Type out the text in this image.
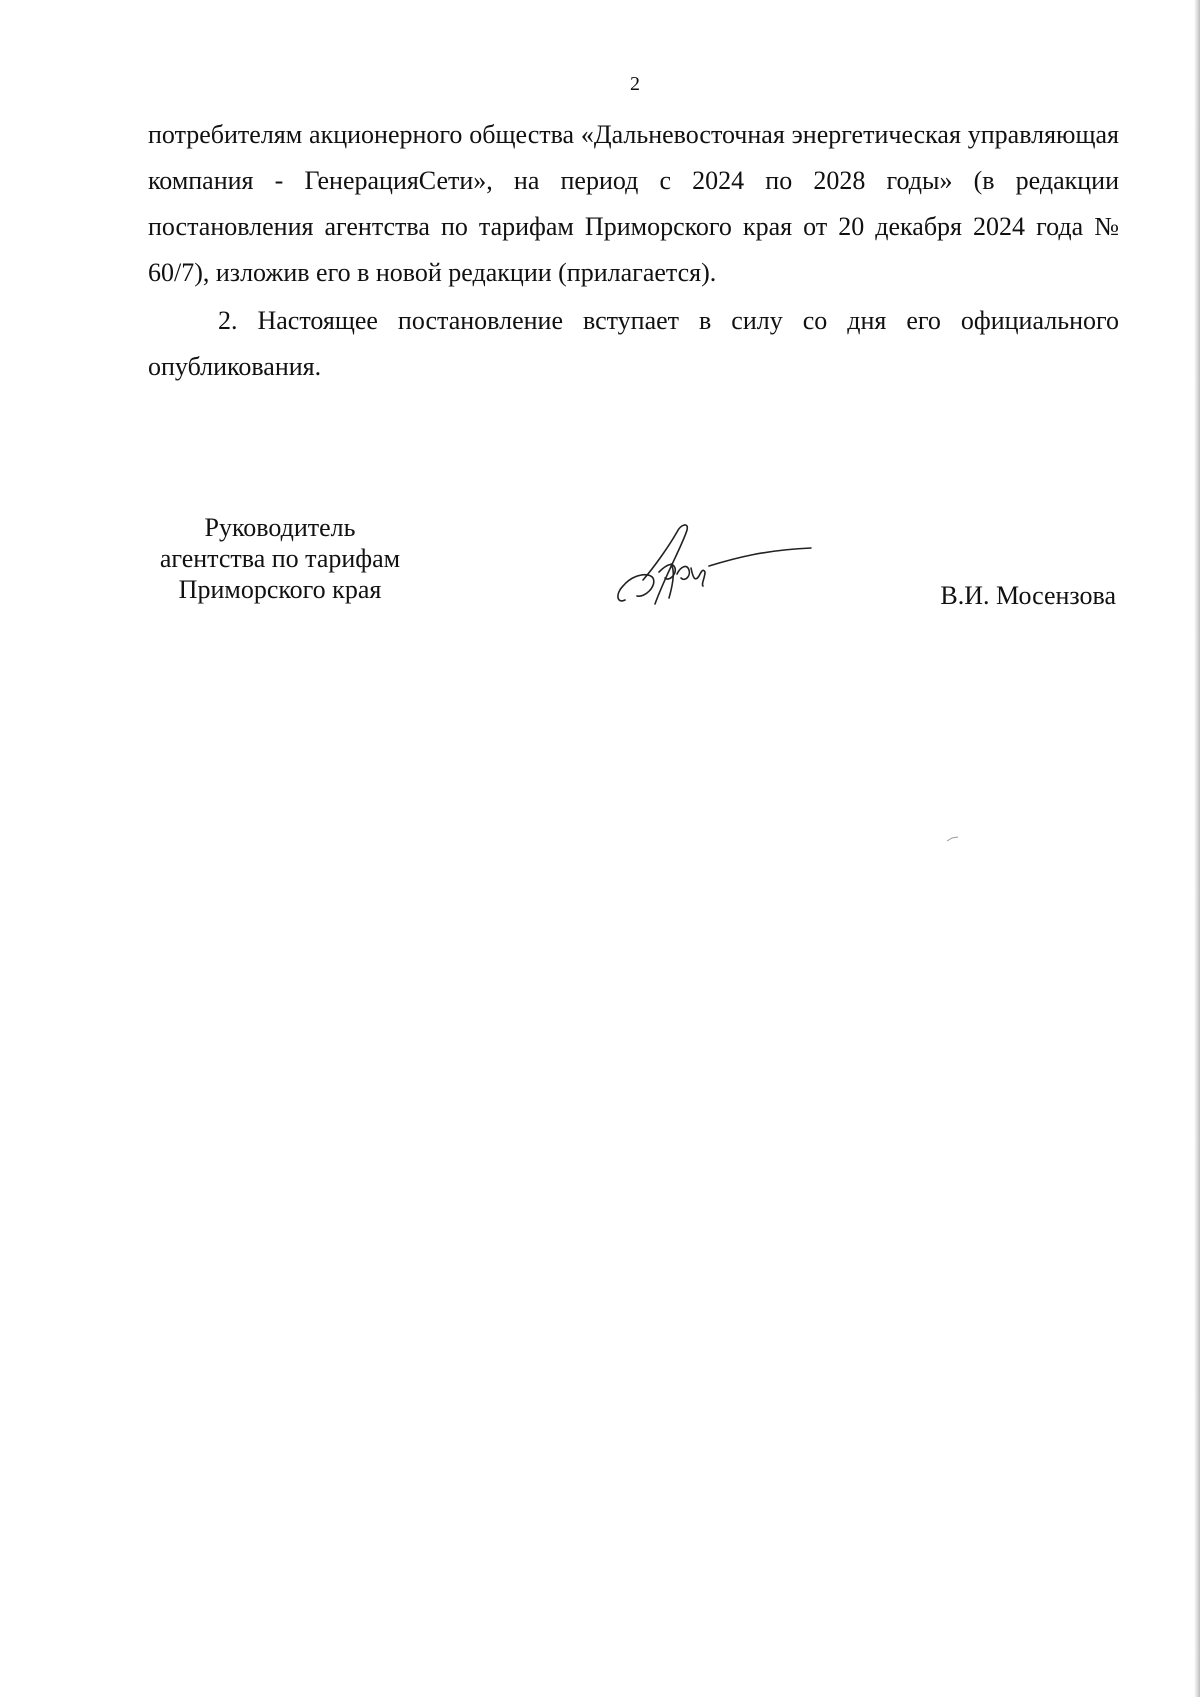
2

потребителям акционерного общества «Дальневосточная энергетическая управляющая компания - ГенерацияСети», на период с 2024 по 2028 годы» (в редакции постановления агентства по тарифам Приморского края от 20 декабря 2024 года № 60/7), изложив его в новой редакции (прилагается).

2. Настоящее постановление вступает в силу со дня его официального опубликования.

Руководитель
агентства по тарифам
Приморского края	В.И. Мосензова
